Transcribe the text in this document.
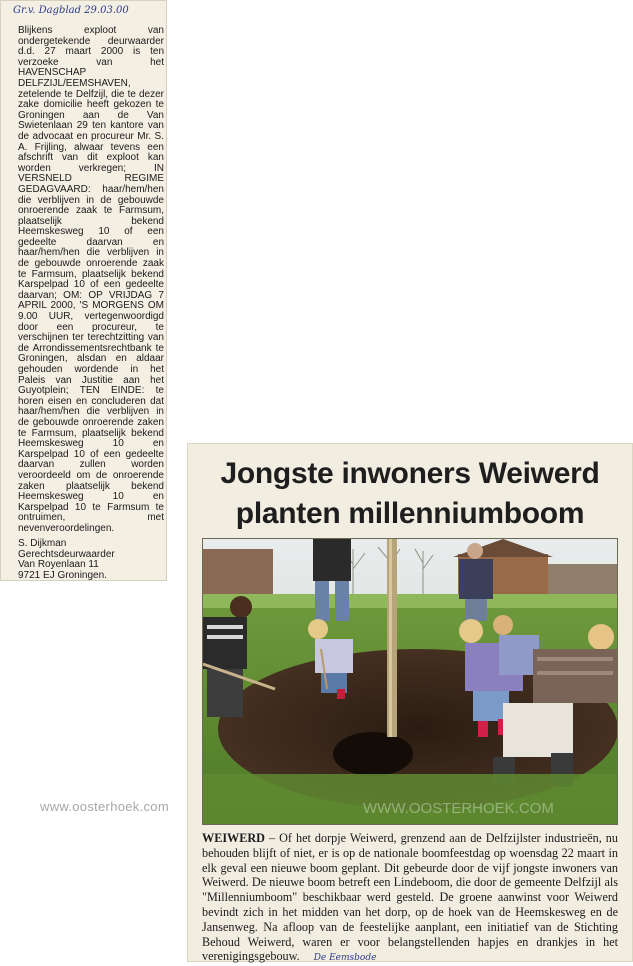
Gr.v. Dagblad 29.03.00
Blijkens exploot van ondergetekende deurwaarder d.d. 27 maart 2000 is ten verzoeke van het HAVENSCHAP DELFZIJL/EEMSHAVEN, zetelende te Delfzijl, die te dezer zake domicilie heeft gekozen te Groningen aan de Van Swietenlaan 29 ten kantore van de advocaat en procureur Mr. S. A. Frijling, alwaar tevens een afschrift van dit exploot kan worden verkregen; IN VERSNELD REGIME GEDAGVAARD: haar/hem/hen die verblijven in de gebouwde onroerende zaak te Farmsum, plaatselijk bekend Heemskesweg 10 of een gedeelte daarvan en haar/hem/hen die verblijven in de gebouwde onroerende zaak te Farmsum, plaatselijk bekend Karspelpad 10 of een gedeelte daarvan; OM: OP VRIJDAG 7 APRIL 2000, 'S MORGENS OM 9.00 UUR, vertegenwoordigd door een procureur, te verschijnen ter terechtzitting van de Arrondissementsrechtbank te Groningen, alsdan en aldaar gehouden wordende in het Paleis van Justitie aan het Guyotplein; TEN EINDE: te horen eisen en concluderen dat haar/hem/hen die verblijven in de gebouwde onroerende zaken te Farmsum, plaatselijk bekend Heemskesweg 10 en Karspelpad 10 of een gedeelte daarvan zullen worden veroordeeld om de onroerende zaken plaatselijk bekend Heemskesweg 10 en Karspelpad 10 te Farmsum te ontruimen, met nevenveroordelingen.
S. Dijkman
Gerechtsdeurwaarder
Van Royenlaan 11
9721 EJ Groningen.
Jongste inwoners Weiwerd
planten millenniumboom
WWW.OOSTERHOEK.COM
WEIWERD – Of het dorpje Weiwerd, grenzend aan de Delfzijlster industrieën, nu behouden blijft of niet, er is op de nationale boomfeestdag op woensdag 22 maart in elk geval een nieuwe boom geplant. Dit gebeurde door de vijf jongste inwoners van Weiwerd. De nieuwe boom betreft een Lindeboom, die door de gemeente Delfzijl als "Millenniumboom" beschikbaar werd gesteld. De groene aanwinst voor Weiwerd bevindt zich in het midden van het dorp, op de hoek van de Heemskesweg en de Jansenweg. Na afloop van de feestelijke aanplant, een initiatief van de Stichting Behoud Weiwerd, waren er voor belangstellenden hapjes en drankjes in het verenigingsgebouw. De Eemsbode
www.oosterhoek.com
